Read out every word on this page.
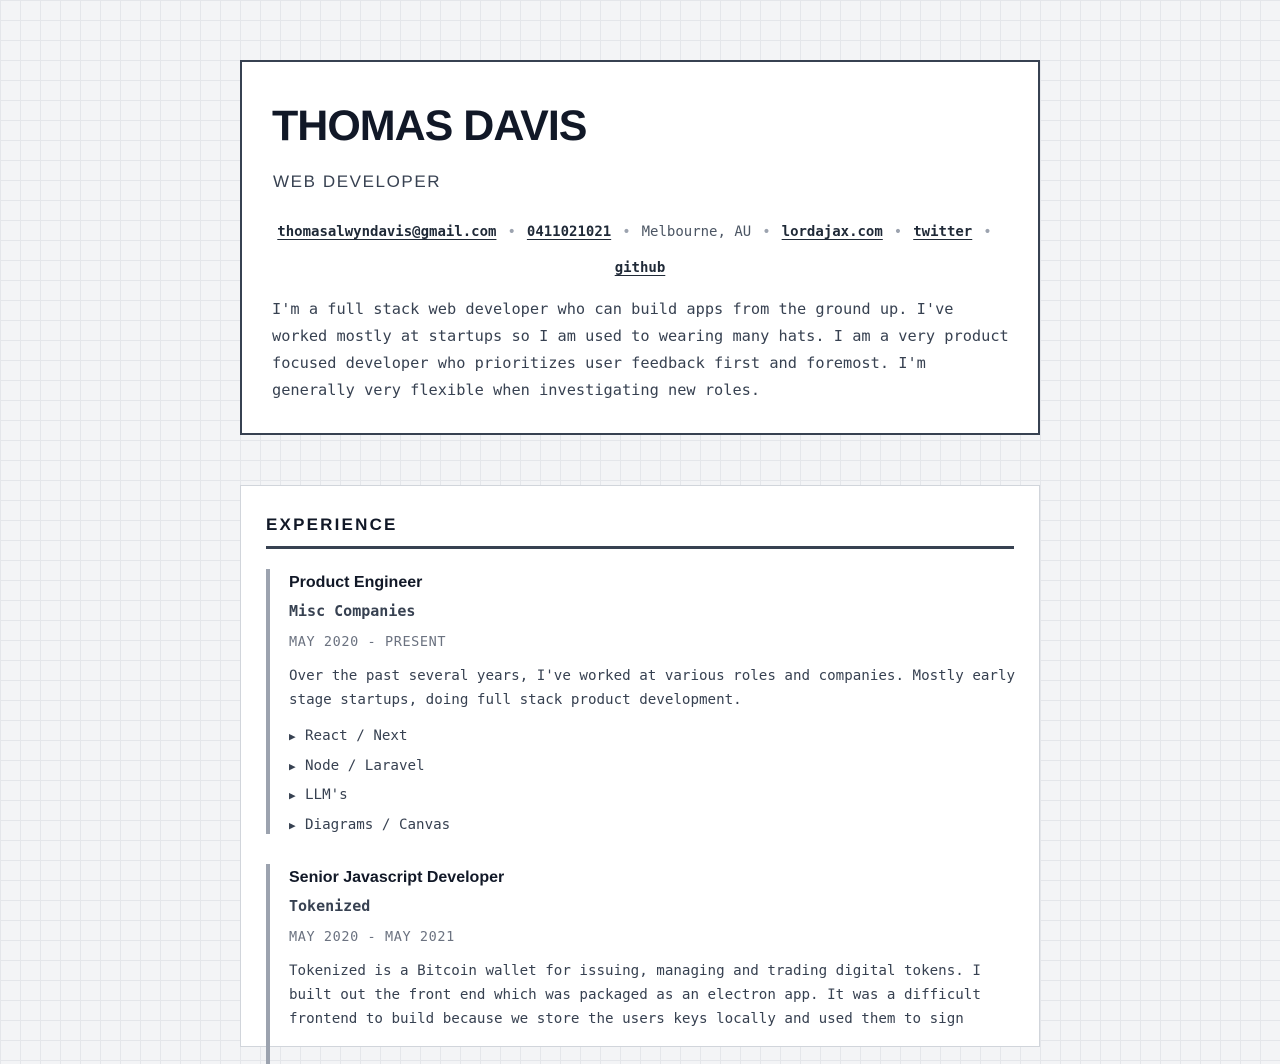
THOMAS DAVIS
WEB DEVELOPER
thomasalwyndavis@gmail.com • 0411021021 • Melbourne, AU • lordajax.com • twitter •
github

I'm a full stack web developer who can build apps from the ground up. I've worked mostly at startups so I am used to wearing many hats. I am a very product focused developer who prioritizes user feedback first and foremost. I'm generally very flexible when investigating new roles.

EXPERIENCE
Product Engineer
Misc Companies
MAY 2020 - PRESENT

Over the past several years, I've worked at various roles and companies. Mostly early stage startups, doing full stack product development.

▶ React / Next
▶ Node / Laravel
▶ LLM's
▶ Diagrams / Canvas
Senior Javascript Developer
Tokenized
MAY 2020 - MAY 2021

Tokenized is a Bitcoin wallet for issuing, managing and trading digital tokens. I built out the front end which was packaged as an electron app. It was a difficult frontend to build because we store the users keys locally and used them to sign
